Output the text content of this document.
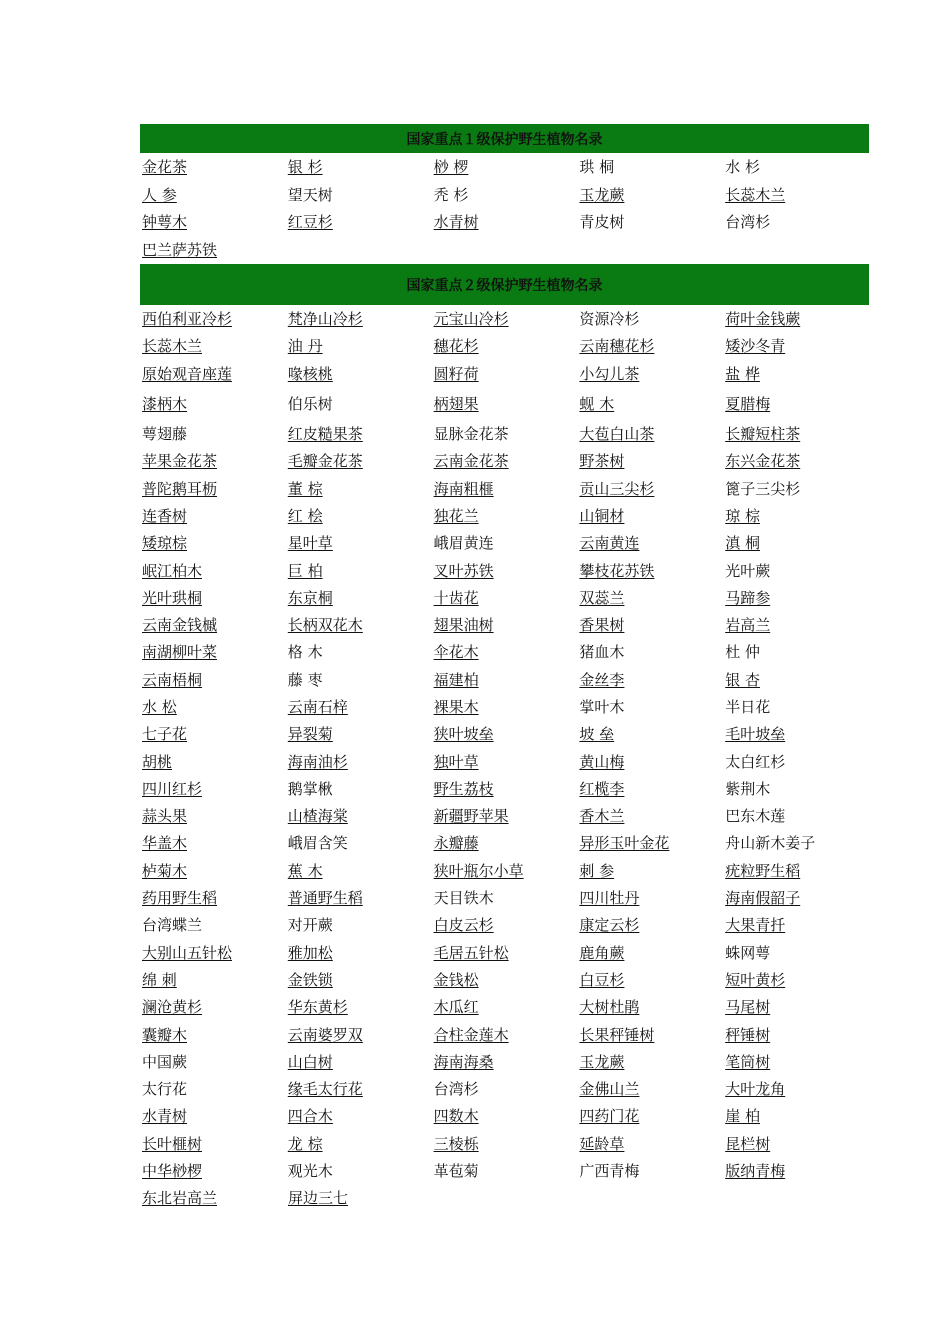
国家重点１级保护野生植物名录
金花茶	银 杉	桫 椤	珙 桐	水 杉
人 参	望天树	秃 杉	玉龙蕨	长蕊木兰
钟萼木	红豆杉	水青树	青皮树	台湾杉
巴兰萨苏铁
国家重点２级保护野生植物名录
西伯利亚冷杉	梵净山冷杉	元宝山冷杉	资源冷杉	荷叶金钱蕨
长蕊木兰	油 丹	穗花杉	云南穗花杉	矮沙冬青
原始观音座莲	喙核桃	圆籽荷	小勾儿茶	盐 桦
漆柄木	伯乐树	柄翅果	蚬 木	夏腊梅
萼翅藤	红皮糙果茶	显脉金花茶	大苞白山茶	长瓣短柱茶
苹果金花茶	毛瓣金花茶	云南金花茶	野茶树	东兴金花茶
普陀鹅耳枥	董 棕	海南粗榧	贡山三尖杉	篦子三尖杉
连香树	红 桧	独花兰	山铜材	琼 棕
矮琼棕	星叶草	峨眉黄连	云南黄连	滇 桐
岷江柏木	巨 柏	叉叶苏铁	攀枝花苏铁	光叶蕨
光叶珙桐	东京桐	十齿花	双蕊兰	马蹄参
云南金钱槭	长柄双花木	翅果油树	香果树	岩高兰
南湖柳叶菜	格 木	伞花木	猪血木	杜 仲
云南梧桐	藤 枣	福建柏	金丝李	银 杏
水 松	云南石梓	裸果木	掌叶木	半日花
七子花	异裂菊	狭叶坡垒	坡 垒	毛叶坡垒
胡桃	海南油杉	独叶草	黄山梅	太白红杉
四川红杉	鹅掌楸	野生荔枝	红榄李	紫荆木
蒜头果	山楂海棠	新疆野苹果	香木兰	巴东木莲
华盖木	峨眉含笑	永瓣藤	异形玉叶金花	舟山新木姜子
栌菊木	蕉 木	狭叶瓶尔小草	刺 参	疣粒野生稻
药用野生稻	普通野生稻	天目铁木	四川牡丹	海南假韶子
台湾蝶兰	对开蕨	白皮云杉	康定云杉	大果青扦
大别山五针松	雅加松	毛居五针松	鹿角蕨	蛛网萼
绵 刺	金铁锁	金钱松	白豆杉	短叶黄杉
澜沧黄杉	华东黄杉	木瓜红	大树杜鹃	马尾树
囊瓣木	云南婆罗双	合柱金莲木	长果秤锤树	秤锤树
中国蕨	山白树	海南海桑	玉龙蕨	笔筒树
太行花	缘毛太行花	台湾杉	金佛山兰	大叶龙角
水青树	四合木	四数木	四药门花	崖 柏
长叶榧树	龙 棕	三棱栎	延龄草	昆栏树
中华桫椤	观光木	革苞菊	广西青梅	版纳青梅
东北岩高兰	屏边三七
